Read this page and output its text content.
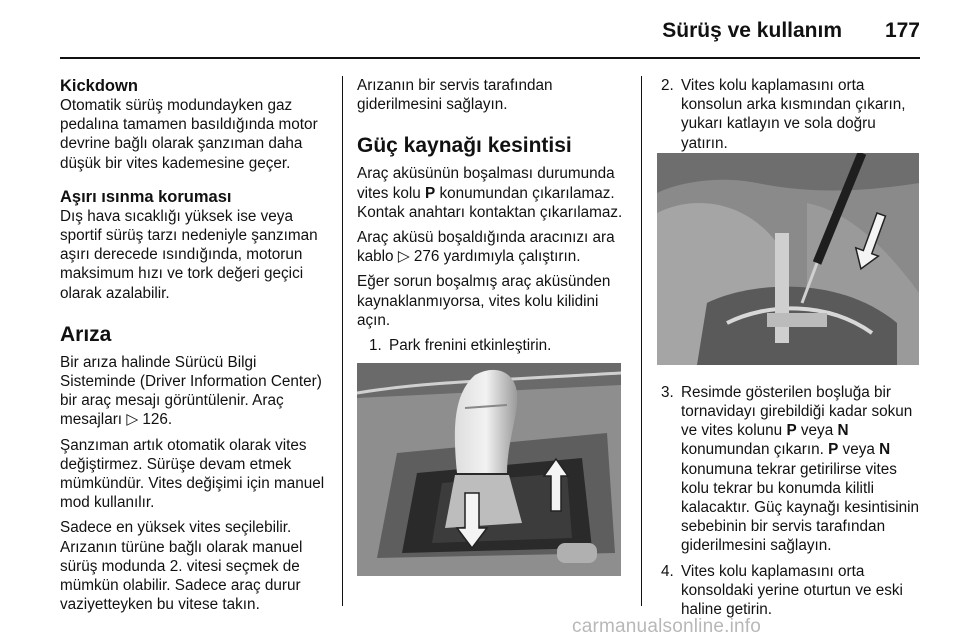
Sürüş ve kullanım 177
Kickdown

Otomatik sürüş modundayken gaz pedalına tamamen basıldığında motor devrine bağlı olarak şanzıman daha düşük bir vites kademesine geçer.

Aşırı ısınma koruması

Dış hava sıcaklığı yüksek ise veya sportif sürüş tarzı nedeniyle şanzıman aşırı derecede ısındığında, motorun maksimum hızı ve tork değeri geçici olarak azalabilir.

Arıza

Bir arıza halinde Sürücü Bilgi Sisteminde (Driver Information Center) bir araç mesajı görüntülenir. Araç mesajları ▷ 126.

Şanzıman artık otomatik olarak vites değiştirmez. Sürüşe devam etmek mümkündür. Vites değişimi için manuel mod kullanılır.

Sadece en yüksek vites seçilebilir. Arızanın türüne bağlı olarak manuel sürüş modunda 2. vitesi seçmek de mümkün olabilir. Sadece araç durur vaziyetteyken bu vitese takın.

Arızanın bir servis tarafından giderilmesini sağlayın.

Güç kaynağı kesintisi

Araç aküsünün boşalması durumunda vites kolu P konumundan çıkarılamaz. Kontak anahtarı kontaktan çıkarılamaz.

Araç aküsü boşaldığında aracınızı ara kablo ▷ 276 yardımıyla çalıştırın.

Eğer sorun boşalmış araç aküsünden kaynaklanmıyorsa, vites kolu kilidini açın.

1. Park frenini etkinleştirin.
2. Vites kolu kaplamasını orta konsolun arka kısmından çıkarın, yukarı katlayın ve sola doğru yatırın.
3. Resimde gösterilen boşluğa bir tornavidayı girebildiği kadar sokun ve vites kolunu P veya N konumundan çıkarın. P veya N konumuna tekrar getirilirse vites kolu tekrar bu konumda kilitli kalacaktır. Güç kaynağı kesintisinin sebebinin bir servis tarafından giderilmesini sağlayın.
4. Vites kolu kaplamasını orta konsoldaki yerine oturtun ve eski haline getirin.
carmanualsonline.info
